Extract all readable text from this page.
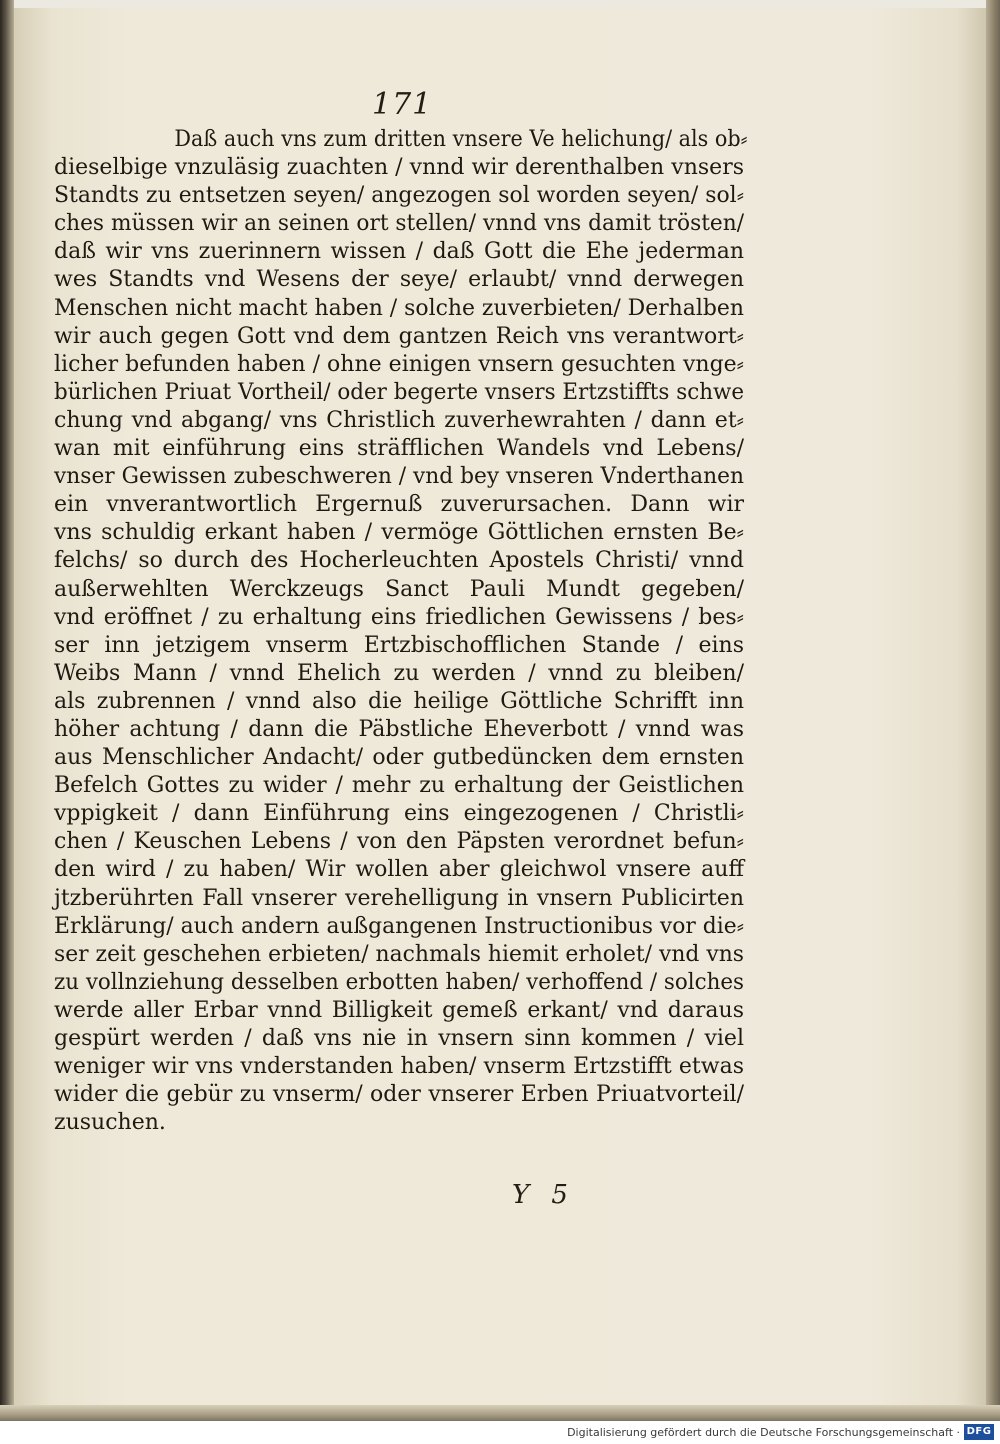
171
Daß auch vns zum dritten vnsere Ve helichung/ als ob⸗
dieselbige vnzuläsig zuachten / vnnd wir derenthalben vnsers
Standts zu entsetzen seyen/ angezogen sol worden seyen/ sol⸗
ches müssen wir an seinen ort stellen/ vnnd vns damit trösten/
daß wir vns zuerinnern wissen / daß Gott die Ehe jederman
wes Standts vnd Wesens der seye/ erlaubt/ vnnd derwegen
Menschen nicht macht haben / solche zuverbieten/ Derhalben
wir auch gegen Gott vnd dem gantzen Reich vns verantwort⸗
licher befunden haben / ohne einigen vnsern gesuchten vnge⸗
bürlichen Priuat Vortheil/ oder begerte vnsers Ertzstiffts schwe
chung vnd abgang/ vns Christlich zuverhewrahten / dann et⸗
wan mit einführung eins sträfflichen Wandels vnd Lebens/
vnser Gewissen zubeschweren / vnd bey vnseren Vnderthanen
ein vnverantwortlich Ergernuß zuverursachen. Dann wir
vns schuldig erkant haben / vermöge Göttlichen ernsten Be⸗
felchs/ so durch des Hocherleuchten Apostels Christi/ vnnd
außerwehlten Werckzeugs Sanct Pauli Mundt gegeben/
vnd eröffnet / zu erhaltung eins friedlichen Gewissens / bes⸗
ser inn jetzigem vnserm Ertzbischofflichen Stande / eins
Weibs Mann / vnnd Ehelich zu werden / vnnd zu bleiben/
als zubrennen / vnnd also die heilige Göttliche Schrifft inn
höher achtung / dann die Päbstliche Eheverbott / vnnd was
aus Menschlicher Andacht/ oder gutbedüncken dem ernsten
Befelch Gottes zu wider / mehr zu erhaltung der Geistlichen
vppigkeit / dann Einführung eins eingezogenen / Christli⸗
chen / Keuschen Lebens / von den Päpsten verordnet befun⸗
den wird / zu haben/ Wir wollen aber gleichwol vnsere auff
jtzberührten Fall vnserer verehelligung in vnsern Publicirten
Erklärung/ auch andern außgangenen Instructionibus vor die⸗
ser zeit geschehen erbieten/ nachmals hiemit erholet/ vnd vns
zu vollnziehung desselben erbotten haben/ verhoffend / solches
werde aller Erbar vnnd Billigkeit gemeß erkant/ vnd daraus
gespürt werden / daß vns nie in vnsern sinn kommen / viel
weniger wir vns vnderstanden haben/ vnserm Ertzstifft etwas
wider die gebür zu vnserm/ oder vnserer Erben Priuatvorteil/
zusuchen.
Y 5
Digitalisierung gefördert durch die Deutsche Forschungsgemeinschaft · DFG
